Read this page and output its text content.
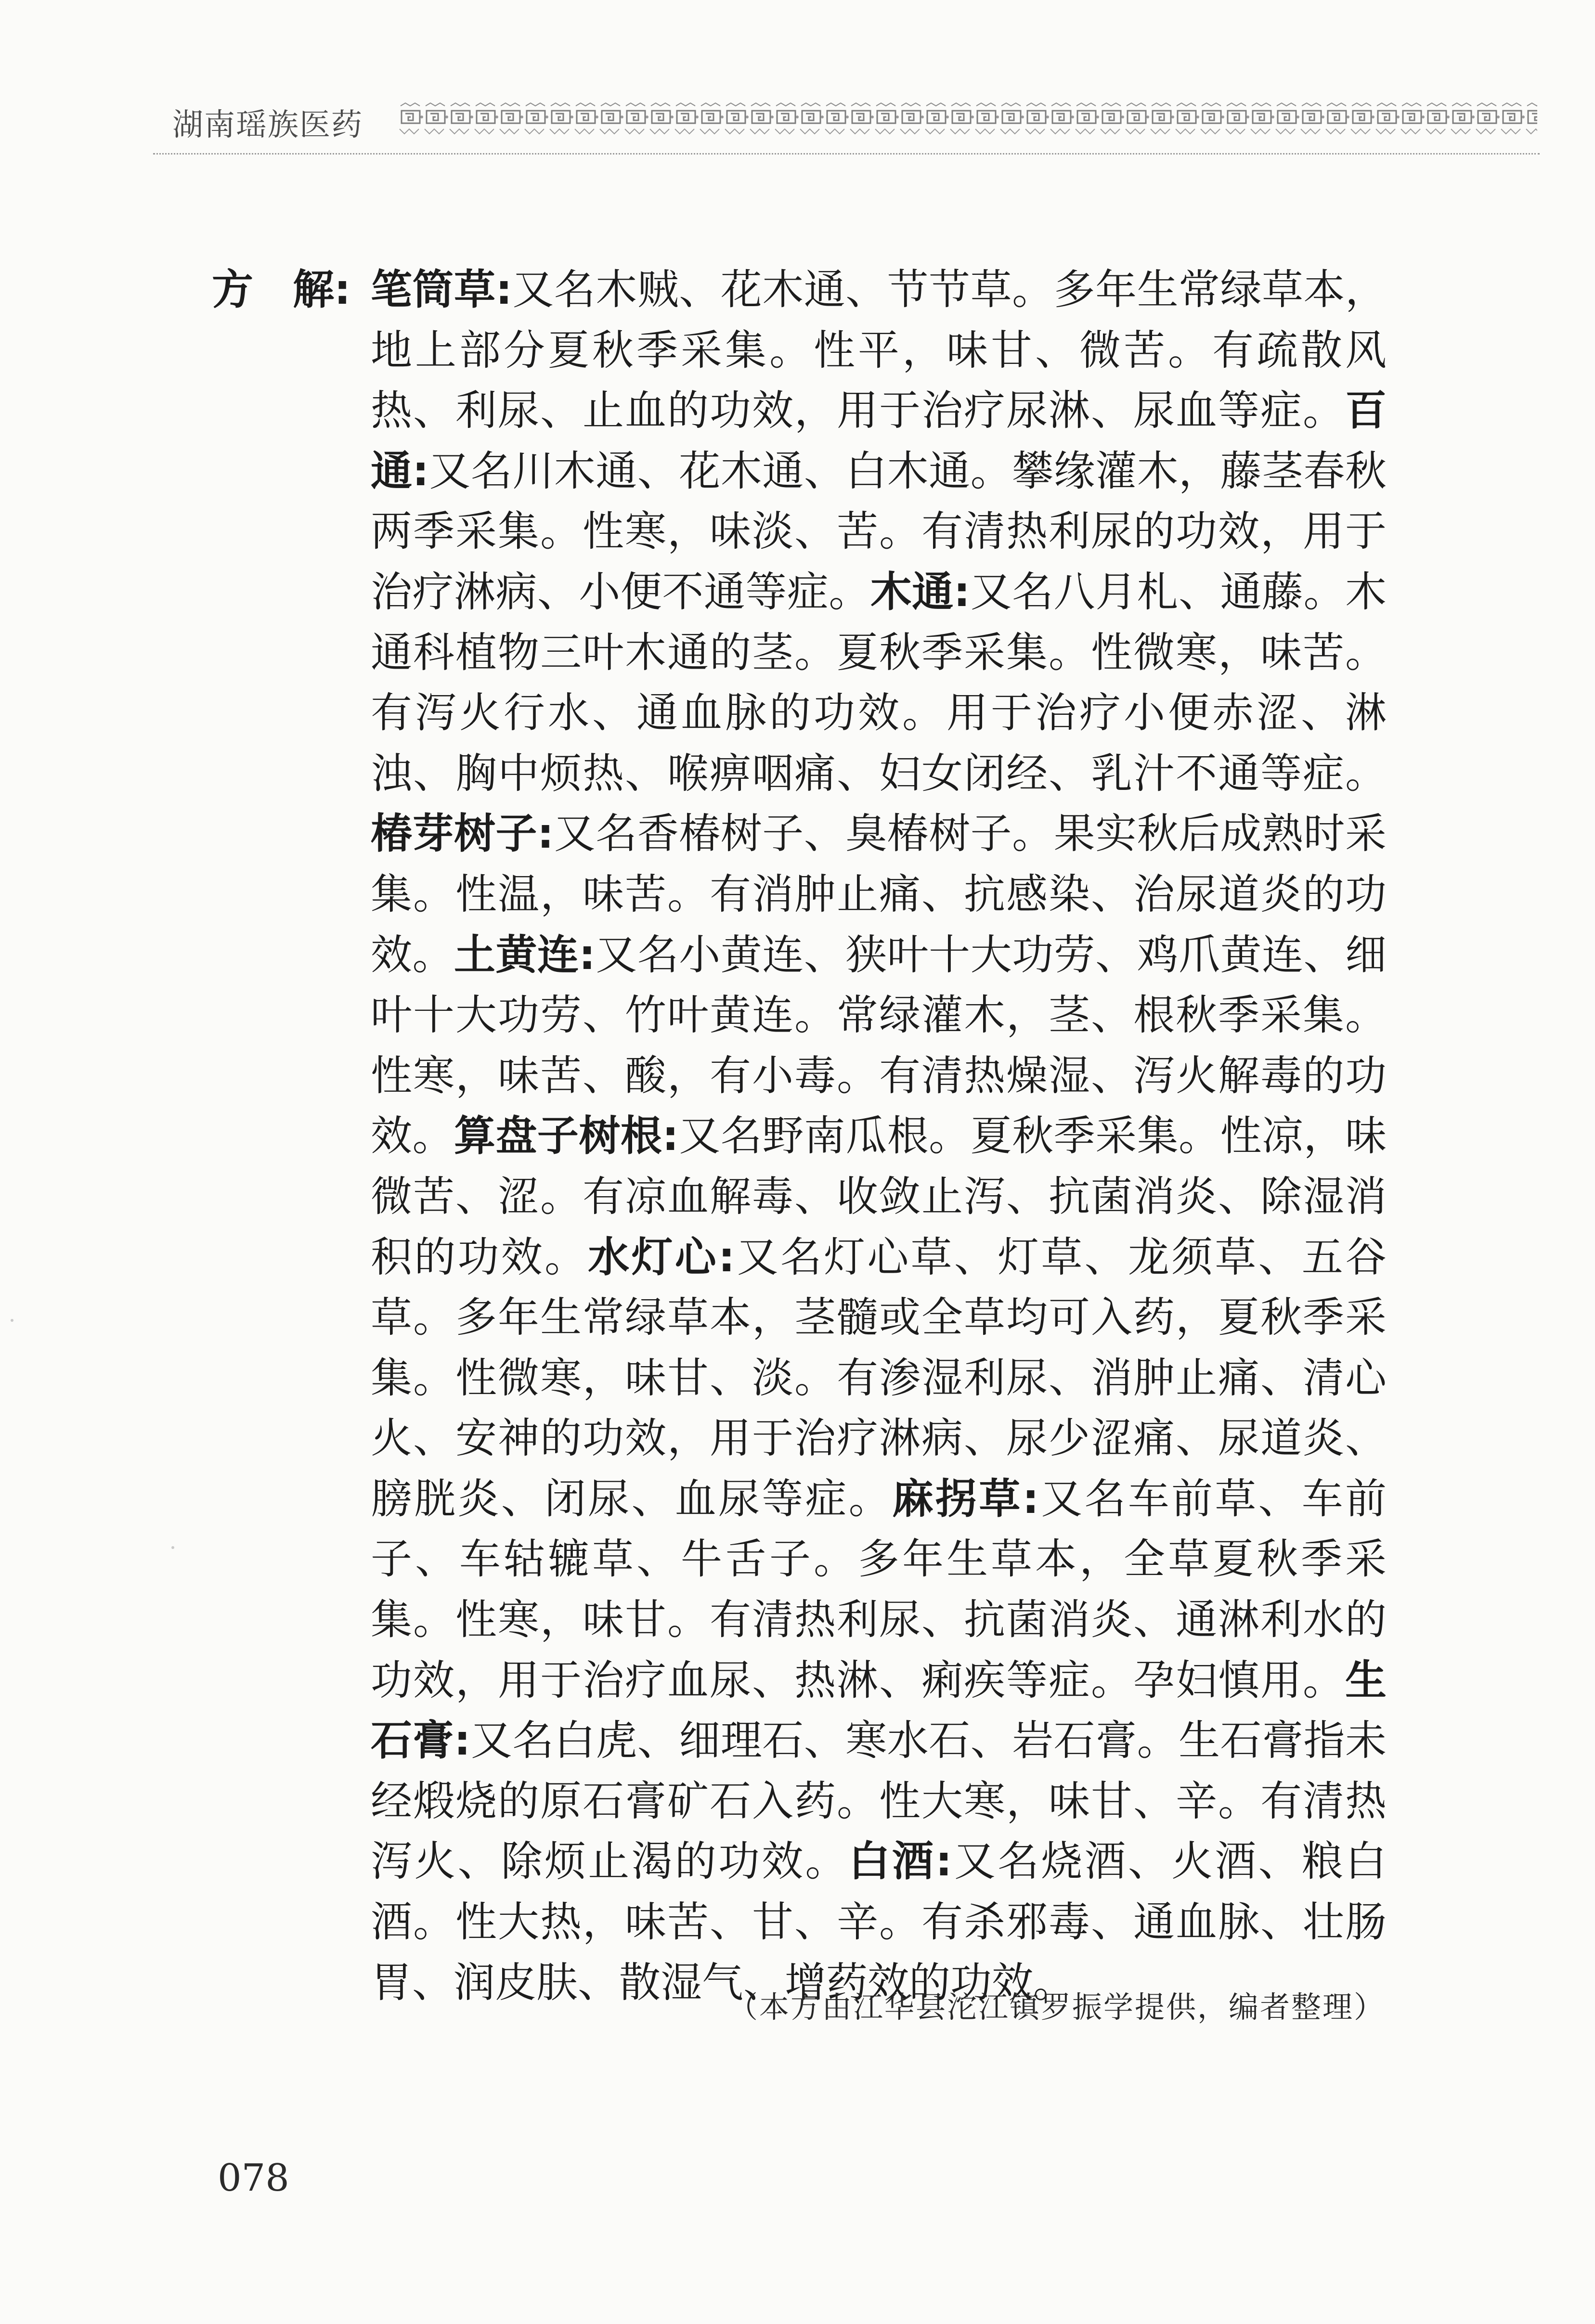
湖南瑶族医药
方 解: 笔筒草:又名木贼、花木通、节节草。多年生常绿草本，地上部分夏秋季采集。性平，味甘、微苦。有疏散风热、利尿、止血的功效，用于治疗尿淋、尿血等症。百通:又名川木通、花木通、白木通。攀缘灌木，藤茎春秋两季采集。性寒，味淡、苦。有清热利尿的功效，用于治疗淋病、小便不通等症。木通:又名八月札、通藤。木通科植物三叶木通的茎。夏秋季采集。性微寒，味苦。有泻火行水、通血脉的功效。用于治疗小便赤涩、淋浊、胸中烦热、喉痹咽痛、妇女闭经、乳汁不通等症。椿芽树子:又名香椿树子、臭椿树子。果实秋后成熟时采集。性温，味苦。有消肿止痛、抗感染、治尿道炎的功效。土黄连:又名小黄连、狭叶十大功劳、鸡爪黄连、细叶十大功劳、竹叶黄连。常绿灌木，茎、根秋季采集。性寒，味苦、酸，有小毒。有清热燥湿、泻火解毒的功效。算盘子树根:又名野南瓜根。夏秋季采集。性凉，味微苦、涩。有凉血解毒、收敛止泻、抗菌消炎、除湿消积的功效。水灯心:又名灯心草、灯草、龙须草、五谷草。多年生常绿草本，茎髓或全草均可入药，夏秋季采集。性微寒，味甘、淡。有渗湿利尿、消肿止痛、清心火、安神的功效，用于治疗淋病、尿少涩痛、尿道炎、膀胱炎、闭尿、血尿等症。麻拐草:又名车前草、车前子、车轱辘草、牛舌子。多年生草本，全草夏秋季采集。性寒，味甘。有清热利尿、抗菌消炎、通淋利水的功效，用于治疗血尿、热淋、痢疾等症。孕妇慎用。生石膏:又名白虎、细理石、寒水石、岩石膏。生石膏指未经煅烧的原石膏矿石入药。性大寒，味甘、辛。有清热泻火、除烦止渴的功效。白酒:又名烧酒、火酒、粮白酒。性大热，味苦、甘、辛。有杀邪毒、通血脉、壮肠胃、润皮肤、散湿气、增药效的功效。
（本方由江华县沱江镇罗振学提供，编者整理）
078
